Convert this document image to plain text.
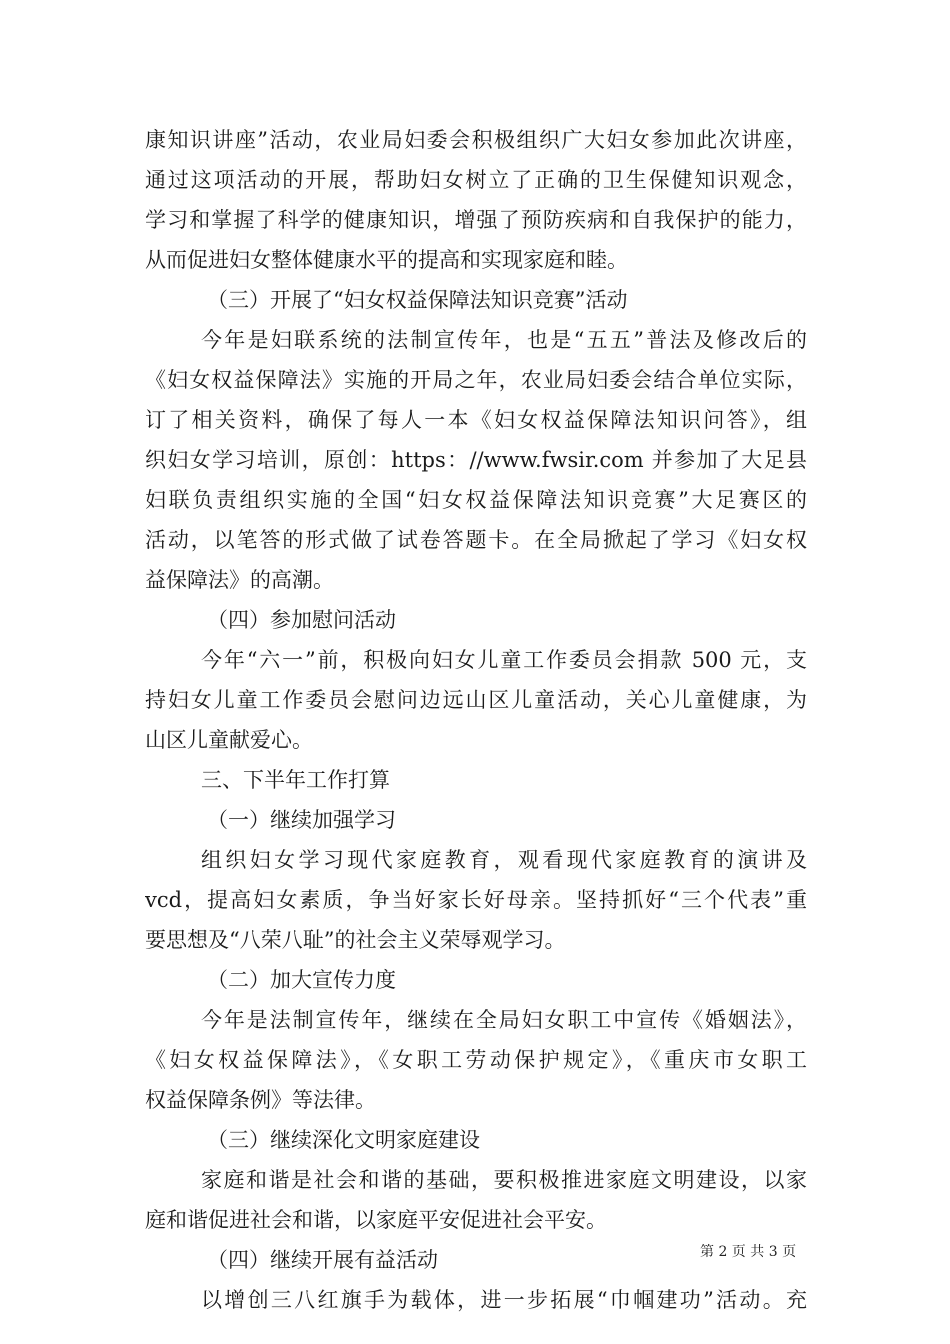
康知识讲座”活动，农业局妇委会积极组织广大妇女参加此次讲座，
通过这项活动的开展，帮助妇女树立了正确的卫生保健知识观念，
学习和掌握了科学的健康知识，增强了预防疾病和自我保护的能力，
从而促进妇女整体健康水平的提高和实现家庭和睦。
（三）开展了“妇女权益保障法知识竞赛”活动
今年是妇联系统的法制宣传年，也是“五五”普法及修改后的
《妇女权益保障法》实施的开局之年，农业局妇委会结合单位实际，
订了相关资料，确保了每人一本《妇女权益保障法知识问答》，组
织妇女学习培训，原创：https：//www.fwsir.com 并参加了大足县
妇联负责组织实施的全国“妇女权益保障法知识竞赛”大足赛区的
活动，以笔答的形式做了试卷答题卡。在全局掀起了学习《妇女权
益保障法》的高潮。
（四）参加慰问活动
今年“六一”前，积极向妇女儿童工作委员会捐款 500 元，支
持妇女儿童工作委员会慰问边远山区儿童活动，关心儿童健康，为
山区儿童献爱心。
三、下半年工作打算
（一）继续加强学习
组织妇女学习现代家庭教育，观看现代家庭教育的演讲及
vcd，提高妇女素质，争当好家长好母亲。坚持抓好“三个代表”重
要思想及“八荣八耻”的社会主义荣辱观学习。
（二）加大宣传力度
今年是法制宣传年，继续在全局妇女职工中宣传《婚姻法》，
《妇女权益保障法》，《女职工劳动保护规定》，《重庆市女职工
权益保障条例》等法律。
（三）继续深化文明家庭建设
家庭和谐是社会和谐的基础，要积极推进家庭文明建设，以家
庭和谐促进社会和谐，以家庭平安促进社会平安。
（四）继续开展有益活动
以增创三八红旗手为载体，进一步拓展“巾帼建功”活动。充
第 2 页 共 3 页
